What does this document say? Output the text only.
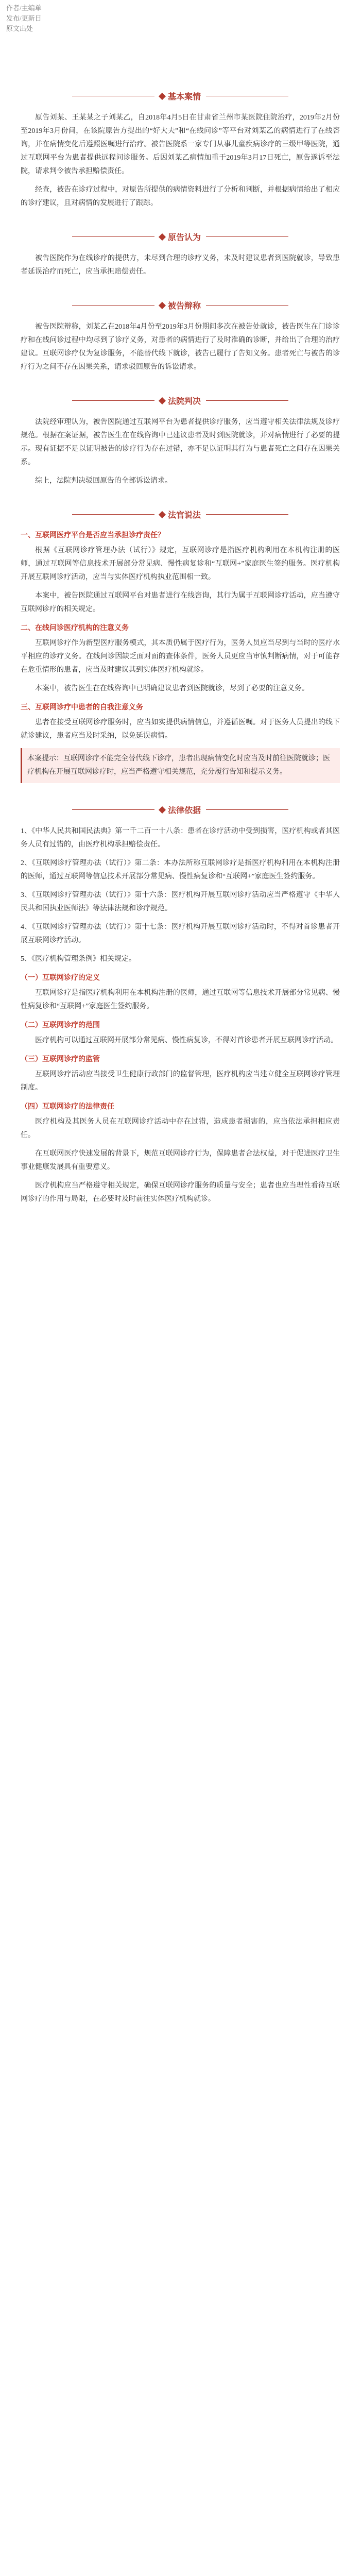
作者/主编单
发布/更新日
原文出处
基本案情

原告刘某、王某某之子刘某乙，自2018年4月5日在甘肃省兰州市某医院住院治疗，2019年2月份至2019年3月份间，在该院原告方提出的“好大夫”和“在线问诊”等平台对刘某乙的病情进行了在线咨询，并在病情变化后遵照医嘱进行治疗。被告医院系一家专门从事儿童疾病诊疗的三级甲等医院，通过互联网平台为患者提供远程问诊服务。后因刘某乙病情加重于2019年3月17日死亡，原告遂诉至法院，请求判令被告承担赔偿责任。

经查，被告在诊疗过程中，对原告所提供的病情资料进行了分析和判断，并根据病情给出了相应的诊疗建议，且对病情的发展进行了跟踪。

原告认为

被告医院作为在线诊疗的提供方，未尽到合理的诊疗义务，未及时建议患者到医院就诊，导致患者延误治疗而死亡，应当承担赔偿责任。

被告辩称

被告医院辩称，刘某乙在2018年4月份至2019年3月份期间多次在被告处就诊，被告医生在门诊诊疗和在线问诊过程中均尽到了诊疗义务，对患者的病情进行了及时准确的诊断，并给出了合理的治疗建议。互联网诊疗仅为复诊服务，不能替代线下就诊，被告已履行了告知义务。患者死亡与被告的诊疗行为之间不存在因果关系，请求驳回原告的诉讼请求。

法院判决

法院经审理认为，被告医院通过互联网平台为患者提供诊疗服务，应当遵守相关法律法规及诊疗规范。根据在案证据，被告医生在在线咨询中已建议患者及时到医院就诊，并对病情进行了必要的提示。现有证据不足以证明被告的诊疗行为存在过错，亦不足以证明其行为与患者死亡之间存在因果关系。

综上，法院判决驳回原告的全部诉讼请求。

法官说法
一、互联网医疗平台是否应当承担诊疗责任？

根据《互联网诊疗管理办法（试行）》规定，互联网诊疗是指医疗机构利用在本机构注册的医师，通过互联网等信息技术开展部分常见病、慢性病复诊和“互联网+”家庭医生签约服务。医疗机构开展互联网诊疗活动，应当与实体医疗机构执业范围相一致。

本案中，被告医院通过互联网平台对患者进行在线咨询，其行为属于互联网诊疗活动，应当遵守互联网诊疗的相关规定。

二、在线问诊医疗机构的注意义务

互联网诊疗作为新型医疗服务模式，其本质仍属于医疗行为，医务人员应当尽到与当时的医疗水平相应的诊疗义务。在线问诊因缺乏面对面的查体条件，医务人员更应当审慎判断病情，对于可能存在危重情形的患者，应当及时建议其到实体医疗机构就诊。

本案中，被告医生在在线咨询中已明确建议患者到医院就诊，尽到了必要的注意义务。

三、互联网诊疗中患者的自我注意义务

患者在接受互联网诊疗服务时，应当如实提供病情信息，并遵循医嘱。对于医务人员提出的线下就诊建议，患者应当及时采纳，以免延误病情。

本案提示：互联网诊疗不能完全替代线下诊疗，患者出现病情变化时应当及时前往医院就诊；医疗机构在开展互联网诊疗时，应当严格遵守相关规范，充分履行告知和提示义务。
法律依据

1、《中华人民共和国民法典》第一千二百一十八条：患者在诊疗活动中受到损害，医疗机构或者其医务人员有过错的，由医疗机构承担赔偿责任。

2、《互联网诊疗管理办法（试行）》第二条：本办法所称互联网诊疗是指医疗机构利用在本机构注册的医师，通过互联网等信息技术开展部分常见病、慢性病复诊和“互联网+”家庭医生签约服务。

3、《互联网诊疗管理办法（试行）》第十六条：医疗机构开展互联网诊疗活动应当严格遵守《中华人民共和国执业医师法》等法律法规和诊疗规范。

4、《互联网诊疗管理办法（试行）》第十七条：医疗机构开展互联网诊疗活动时，不得对首诊患者开展互联网诊疗活动。

5、《医疗机构管理条例》相关规定。

（一）互联网诊疗的定义

互联网诊疗是指医疗机构利用在本机构注册的医师，通过互联网等信息技术开展部分常见病、慢性病复诊和“互联网+”家庭医生签约服务。

（二）互联网诊疗的范围

医疗机构可以通过互联网开展部分常见病、慢性病复诊，不得对首诊患者开展互联网诊疗活动。

（三）互联网诊疗的监管

互联网诊疗活动应当接受卫生健康行政部门的监督管理，医疗机构应当建立健全互联网诊疗管理制度。

（四）互联网诊疗的法律责任

医疗机构及其医务人员在互联网诊疗活动中存在过错，造成患者损害的，应当依法承担相应责任。

在互联网医疗快速发展的背景下，规范互联网诊疗行为，保障患者合法权益，对于促进医疗卫生事业健康发展具有重要意义。

医疗机构应当严格遵守相关规定，确保互联网诊疗服务的质量与安全；患者也应当理性看待互联网诊疗的作用与局限，在必要时及时前往实体医疗机构就诊。
